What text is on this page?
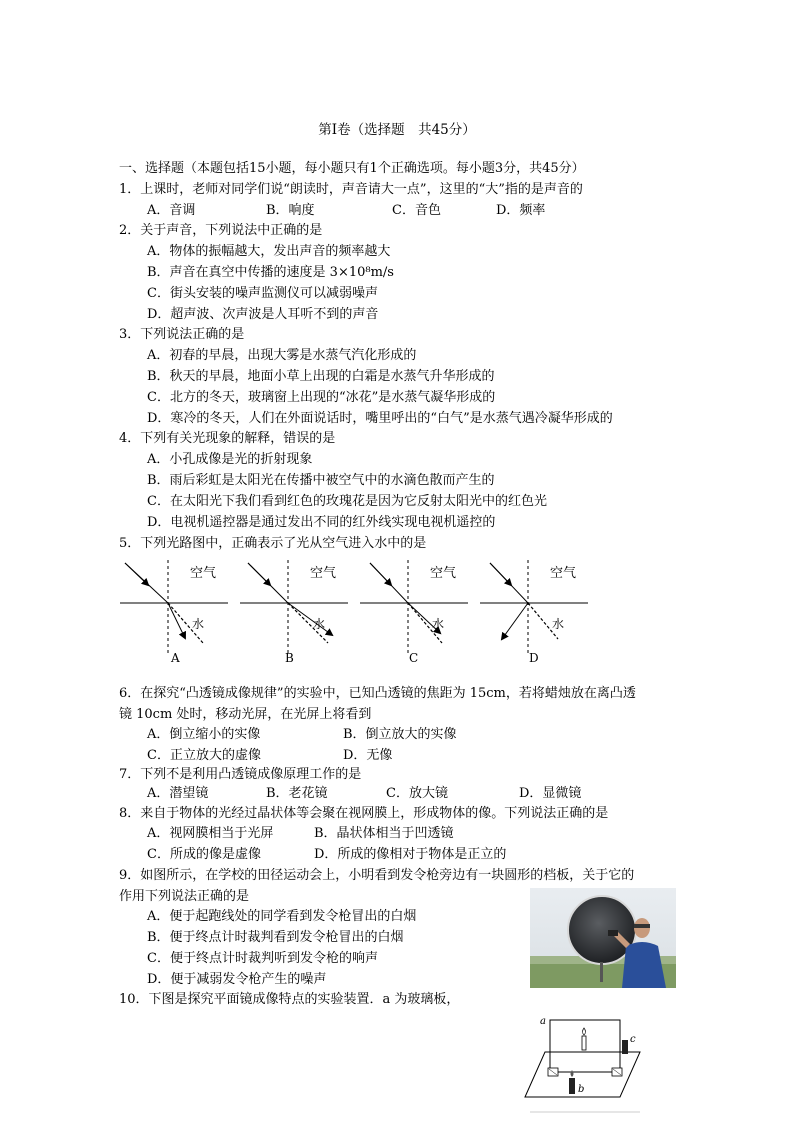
第Ⅰ卷（选择题　共45分）
一、选择题（本题包括15小题，每小题只有1个正确选项。每小题3分，共45分）
1．上课时，老师对同学们说“朗读时，声音请大一点”，这里的“大”指的是声音的
A．音调	B．响度	C．音色	D．频率
2．关于声音，下列说法中正确的是
A．物体的振幅越大，发出声音的频率越大
B．声音在真空中传播的速度是 3×10⁸m/s
C．街头安装的噪声监测仪可以减弱噪声
D．超声波、次声波是人耳听不到的声音
3．下列说法正确的是
A．初春的早晨，出现大雾是水蒸气汽化形成的
B．秋天的早晨，地面小草上出现的白霜是水蒸气升华形成的
C．北方的冬天，玻璃窗上出现的“冰花”是水蒸气凝华形成的
D．寒冷的冬天，人们在外面说话时，嘴里呼出的“白气”是水蒸气遇冷凝华形成的
4．下列有关光现象的解释，错误的是
A．小孔成像是光的折射现象
B．雨后彩虹是太阳光在传播中被空气中的水滴色散而产生的
C．在太阳光下我们看到红色的玫瑰花是因为它反射太阳光中的红色光
D．电视机遥控器是通过发出不同的红外线实现电视机遥控的
5．下列光路图中，正确表示了光从空气进入水中的是
空气
水
A
空气
水
B
空气
水
C
空气
水
D
6．在探究“凸透镜成像规律”的实验中，已知凸透镜的焦距为 15cm，若将蜡烛放在离凸透
镜 10cm 处时，移动光屏，在光屏上将看到
A．倒立缩小的实像	B．倒立放大的实像
C．正立放大的虚像	D．无像
7．下列不是利用凸透镜成像原理工作的是
A．潜望镜	B．老花镜	C．放大镜	D．显微镜
8．来自于物体的光经过晶状体等会聚在视网膜上，形成物体的像。下列说法正确的是
A．视网膜相当于光屏	B．晶状体相当于凹透镜
C．所成的像是虚像	D．所成的像相对于物体是正立的
9．如图所示，在学校的田径运动会上，小明看到发令枪旁边有一块圆形的档板，关于它的
作用下列说法正确的是
A．便于起跑线处的同学看到发令枪冒出的白烟
B．便于终点计时裁判看到发令枪冒出的白烟
C．便于终点计时裁判听到发令枪的响声
D．便于减弱发令枪产生的噪声
10．下图是探究平面镜成像特点的实验装置．a 为玻璃板，
a
b
c
